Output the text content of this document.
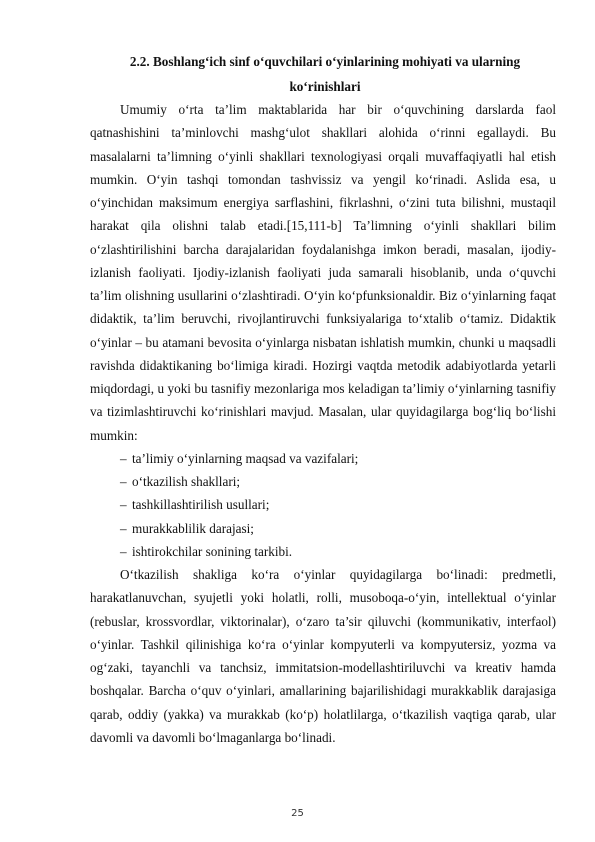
2.2. Boshlang‘ich sinf o‘quvchilari o‘yinlarining mohiyati va ularning
ko‘rinishlari

Umumiy o‘rta ta’lim maktablarida har bir o‘quvchining darslarda faol qatnashishini ta’minlovchi mashg‘ulot shakllari alohida o‘rinni egallaydi. Bu masalalarni ta’limning o‘yinli shakllari texnologiyasi orqali muvaffaqiyatli hal etish mumkin. O‘yin tashqi tomondan tashvissiz va yengil ko‘rinadi. Aslida esa, u o‘yinchidan maksimum energiya sarflashini, fikrlashni, o‘zini tuta bilishni, mustaqil harakat qila olishni talab etadi.[15,111-b] Ta’limning o‘yinli shakllari bilim o‘zlashtirilishini barcha darajalaridan foydalanishga imkon beradi, masalan, ijodiy-izlanish faoliyati. Ijodiy-izlanish faoliyati juda samarali hisoblanib, unda o‘quvchi ta’lim olishning usullarini o‘zlashtiradi. O‘yin ko‘pfunksionaldir. Biz o‘yinlarning faqat didaktik, ta’lim beruvchi, rivojlantiruvchi funksiyalariga to‘xtalib o‘tamiz. Didaktik o‘yinlar – bu atamani bevosita o‘yinlarga nisbatan ishlatish mumkin, chunki u maqsadli ravishda didaktikaning bo‘limiga kiradi. Hozirgi vaqtda metodik adabiyotlarda yetarli miqdordagi, u yoki bu tasnifiy mezonlariga mos keladigan ta’limiy o‘yinlarning tasnifiy va tizimlashtiruvchi ko‘rinishlari mavjud. Masalan, ular quyidagilarga bog‘liq bo‘lishi mumkin:

– ta’limiy o‘yinlarning maqsad va vazifalari;
– o‘tkazilish shakllari;
– tashkillashtirilish usullari;
– murakkablilik darajasi;
– ishtirokchilar sonining tarkibi.

O‘tkazilish shakliga ko‘ra o‘yinlar quyidagilarga bo‘linadi: predmetli, harakatlanuvchan, syujetli yoki holatli, rolli, musoboqa-o‘yin, intellektual o‘yinlar (rebuslar, krossvordlar, viktorinalar), o‘zaro ta’sir qiluvchi (kommunikativ, interfaol) o‘yinlar. Tashkil qilinishiga ko‘ra o‘yinlar kompyuterli va kompyutersiz, yozma va og‘zaki, tayanchli va tanchsiz, immitatsion-modellashtiriluvchi va kreativ hamda boshqalar. Barcha o‘quv o‘yinlari, amallarining bajarilishidagi murakkablik darajasiga qarab, oddiy (yakka) va murakkab (ko‘p) holatlilarga, o‘tkazilish vaqtiga qarab, ular davomli va davomli bo‘lmaganlarga bo‘linadi.

25
